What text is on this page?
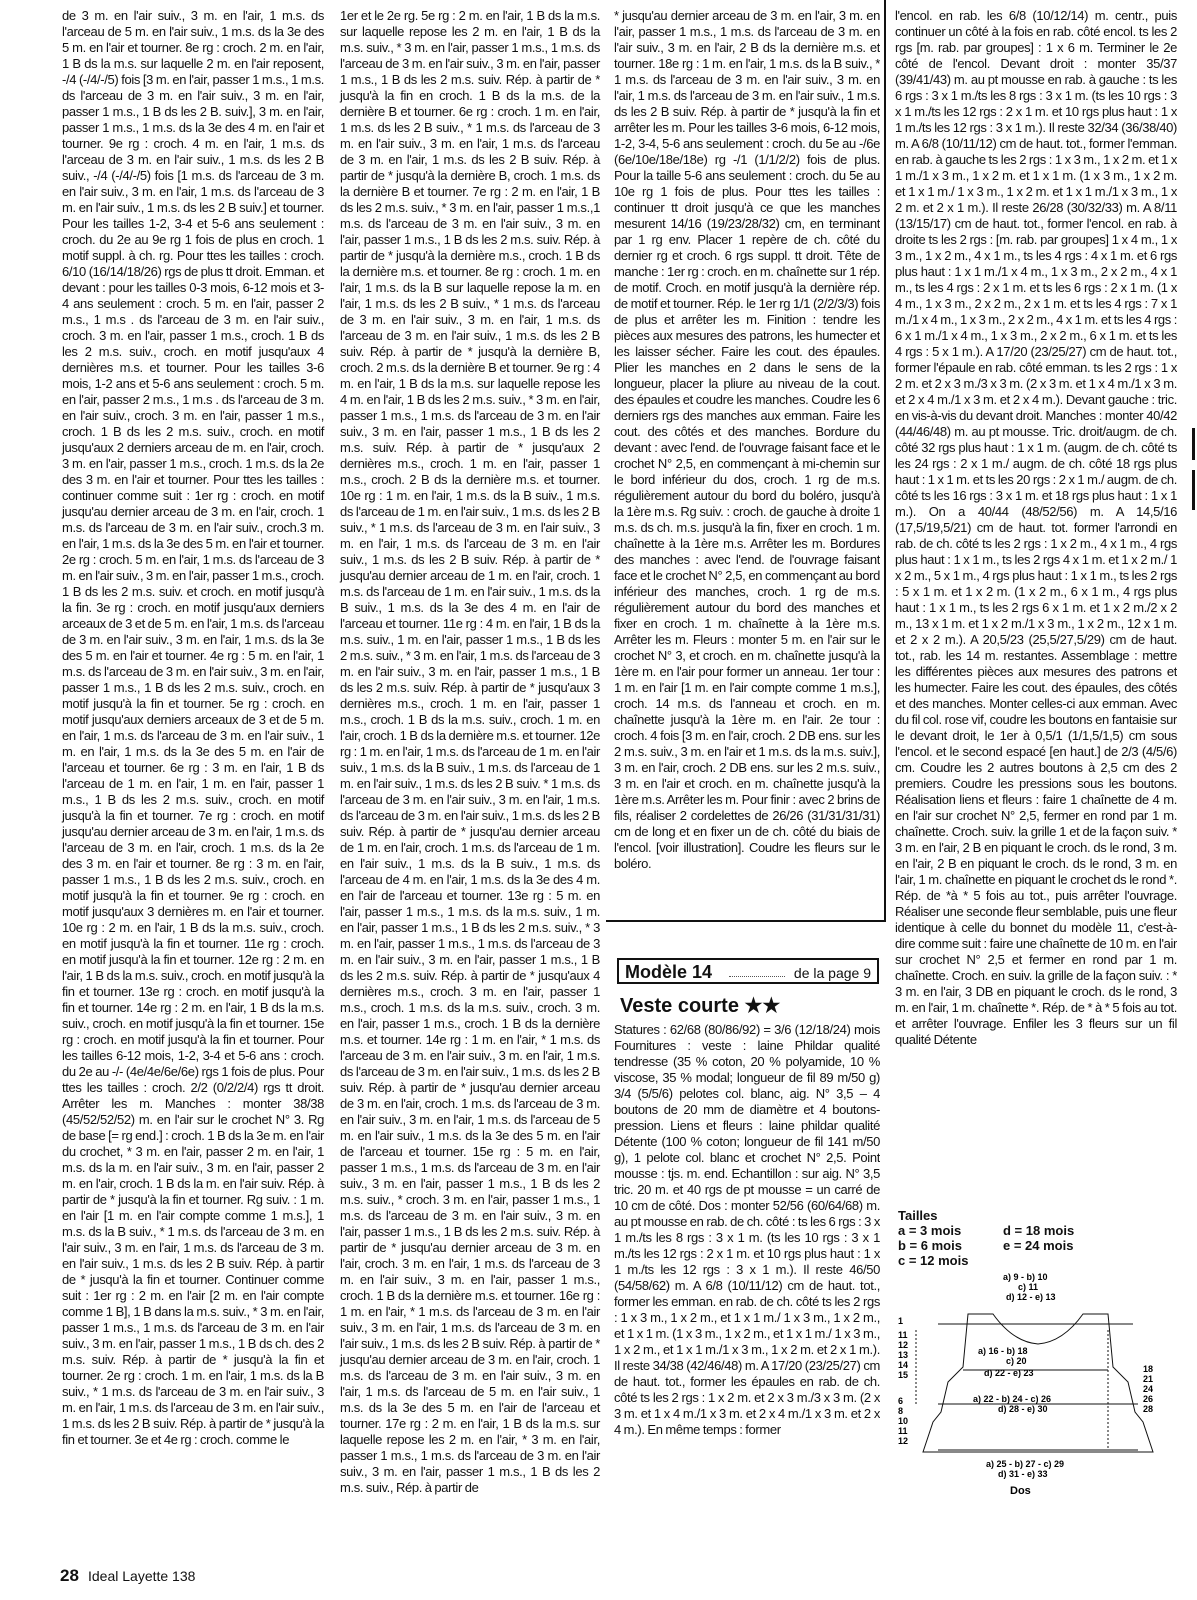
de 3 m. en l'air suiv., 3 m. en l'air, 1 m.s. ds l'arceau de 5 m. en l'air suiv., 1 m.s. ds la 3e des 5 m. en l'air et tourner. 8e rg : croch. 2 m. en l'air, 1 B ds la m.s. sur laquelle 2 m. en l'air reposent, -/4 (-/4/-/5) fois [3 m. en l'air, passer 1 m.s., 1 m.s. ds l'arceau de 3 m. en l'air suiv., 3 m. en l'air, passer 1 m.s., 1 B ds les 2 B. suiv.], 3 m. en l'air, passer 1 m.s., 1 m.s. ds la 3e des 4 m. en l'air et tourner. 9e rg : croch. 4 m. en l'air, 1 m.s. ds l'arceau de 3 m. en l'air suiv., 1 m.s. ds les 2 B suiv., -/4 (-/4/-/5) fois [1 m.s. ds l'arceau de 3 m. en l'air suiv., 3 m. en l'air, 1 m.s. ds l'arceau de 3 m. en l'air suiv., 1 m.s. ds les 2 B suiv.] et tourner. Pour les tailles 1-2, 3-4 et 5-6 ans seulement : croch. du 2e au 9e rg 1 fois de plus en croch. 1 motif suppl. à ch. rg. Pour ttes les tailles : croch. 6/10 (16/14/18/26) rgs de plus tt droit. Emman. et devant : pour les tailles 0-3 mois, 6-12 mois et 3-4 ans seulement : croch. 5 m. en l'air, passer 2 m.s., 1 m.s . ds l'arceau de 3 m. en l'air suiv., croch. 3 m. en l'air, passer 1 m.s., croch. 1 B ds les 2 m.s. suiv., croch. en motif jusqu'aux 4 dernières m.s. et tourner. Pour les tailles 3-6 mois, 1-2 ans et 5-6 ans seulement : croch. 5 m. en l'air, passer 2 m.s., 1 m.s . ds l'arceau de 3 m. en l'air suiv., croch. 3 m. en l'air, passer 1 m.s., croch. 1 B ds les 2 m.s. suiv., croch. en motif jusqu'aux 2 derniers arceau de m. en l'air, croch. 3 m. en l'air, passer 1 m.s., croch. 1 m.s. ds la 2e des 3 m. en l'air et tourner. Pour ttes les tailles : continuer comme suit : 1er rg : croch. en motif jusqu'au dernier arceau de 3 m. en l'air, croch. 1 m.s. ds l'arceau de 3 m. en l'air suiv., croch.3 m. en l'air, 1 m.s. ds la 3e des 5 m. en l'air et tourner. 2e rg : croch. 5 m. en l'air, 1 m.s. ds l'arceau de 3 m. en l'air suiv., 3 m. en l'air, passer 1 m.s., croch. 1 B ds les 2 m.s. suiv. et croch. en motif jusqu'à la fin. 3e rg : croch. en motif jusqu'aux derniers arceaux de 3 et de 5 m. en l'air, 1 m.s. ds l'arceau de 3 m. en l'air suiv., 3 m. en l'air, 1 m.s. ds la 3e des 5 m. en l'air et tourner. 4e rg : 5 m. en l'air, 1 m.s. ds l'arceau de 3 m. en l'air suiv., 3 m. en l'air, passer 1 m.s., 1 B ds les 2 m.s. suiv., croch. en motif jusqu'à la fin et tourner. 5e rg : croch. en motif jusqu'aux derniers arceaux de 3 et de 5 m. en l'air, 1 m.s. ds l'arceau de 3 m. en l'air suiv., 1 m. en l'air, 1 m.s. ds la 3e des 5 m. en l'air de l'arceau et tourner. 6e rg : 3 m. en l'air, 1 B ds l'arceau de 1 m. en l'air, 1 m. en l'air, passer 1 m.s., 1 B ds les 2 m.s. suiv., croch. en motif jusqu'à la fin et tourner. 7e rg : croch. en motif jusqu'au dernier arceau de 3 m. en l'air, 1 m.s. ds l'arceau de 3 m. en l'air, croch. 1 m.s. ds la 2e des 3 m. en l'air et tourner. 8e rg : 3 m. en l'air, passer 1 m.s., 1 B ds les 2 m.s. suiv., croch. en motif jusqu'à la fin et tourner. 9e rg : croch. en motif jusqu'aux 3 dernières m. en l'air et tourner. 10e rg : 2 m. en l'air, 1 B ds la m.s. suiv., croch. en motif jusqu'à la fin et tourner. 11e rg : croch. en motif jusqu'à la fin et tourner. 12e rg : 2 m. en l'air, 1 B ds la m.s. suiv., croch. en motif jusqu'à la fin et tourner. 13e rg : croch. en motif jusqu'à la fin et tourner. 14e rg : 2 m. en l'air, 1 B ds la m.s. suiv., croch. en motif jusqu'à la fin et tourner. 15e rg : croch. en motif jusqu'à la fin et tourner. Pour les tailles 6-12 mois, 1-2, 3-4 et 5-6 ans : croch. du 2e au -/- (4e/4e/6e/6e) rgs 1 fois de plus. Pour ttes les tailles : croch. 2/2 (0/2/2/4) rgs tt droit. Arrêter les m. Manches : monter 38/38 (45/52/52/52) m. en l'air sur le crochet N° 3. Rg de base [= rg end.] : croch. 1 B ds la 3e m. en l'air du crochet, * 3 m. en l'air, passer 2 m. en l'air, 1 m.s. ds la m. en l'air suiv., 3 m. en l'air, passer 2 m. en l'air, croch. 1 B ds la m. en l'air suiv. Rép. à partir de * jusqu'à la fin et tourner. Rg suiv. : 1 m. en l'air [1 m. en l'air compte comme 1 m.s.], 1 m.s. ds la B suiv., * 1 m.s. ds l'arceau de 3 m. en l'air suiv., 3 m. en l'air, 1 m.s. ds l'arceau de 3 m. en l'air suiv., 1 m.s. ds les 2 B suiv. Rép. à partir de * jusqu'à la fin et tourner. Continuer comme suit : 1er rg : 2 m. en l'air [2 m. en l'air compte comme 1 B], 1 B dans la m.s. suiv., * 3 m. en l'air, passer 1 m.s., 1 m.s. ds l'arceau de 3 m. en l'air suiv., 3 m. en l'air, passer 1 m.s., 1 B ds ch. des 2 m.s. suiv. Rép. à partir de * jusqu'à la fin et tourner. 2e rg : croch. 1 m. en l'air, 1 m.s. ds la B suiv., * 1 m.s. ds l'arceau de 3 m. en l'air suiv., 3 m. en l'air, 1 m.s. ds l'arceau de 3 m. en l'air suiv., 1 m.s. ds les 2 B suiv. Rép. à partir de * jusqu'à la fin et tourner. 3e et 4e rg : croch. comme le

1er et le 2e rg. 5e rg : 2 m. en l'air, 1 B ds la m.s. sur laquelle repose les 2 m. en l'air, 1 B ds la m.s. suiv., * 3 m. en l'air, passer 1 m.s., 1 m.s. ds l'arceau de 3 m. en l'air suiv., 3 m. en l'air, passer 1 m.s., 1 B ds les 2 m.s. suiv. Rép. à partir de * jusqu'à la fin en croch. 1 B ds la m.s. de la dernière B et tourner. 6e rg : croch. 1 m. en l'air, 1 m.s. ds les 2 B suiv., * 1 m.s. ds l'arceau de 3 m. en l'air suiv., 3 m. en l'air, 1 m.s. ds l'arceau de 3 m. en l'air, 1 m.s. ds les 2 B suiv. Rép. à partir de * jusqu'à la dernière B, croch. 1 m.s. ds la dernière B et tourner. 7e rg : 2 m. en l'air, 1 B ds les 2 m.s. suiv., * 3 m. en l'air, passer 1 m.s.,1 m.s. ds l'arceau de 3 m. en l'air suiv., 3 m. en l'air, passer 1 m.s., 1 B ds les 2 m.s. suiv. Rép. à partir de * jusqu'à la dernière m.s., croch. 1 B ds la dernière m.s. et tourner. 8e rg : croch. 1 m. en l'air, 1 m.s. ds la B sur laquelle repose la m. en l'air, 1 m.s. ds les 2 B suiv., * 1 m.s. ds l'arceau de 3 m. en l'air suiv., 3 m. en l'air, 1 m.s. ds l'arceau de 3 m. en l'air suiv., 1 m.s. ds les 2 B suiv. Rép. à partir de * jusqu'à la dernière B, croch. 2 m.s. ds la dernière B et tourner. 9e rg : 4 m. en l'air, 1 B ds la m.s. sur laquelle repose les 4 m. en l'air, 1 B ds les 2 m.s. suiv., * 3 m. en l'air, passer 1 m.s., 1 m.s. ds l'arceau de 3 m. en l'air suiv., 3 m. en l'air, passer 1 m.s., 1 B ds les 2 m.s. suiv. Rép. à partir de * jusqu'aux 2 dernières m.s., croch. 1 m. en l'air, passer 1 m.s., croch. 2 B ds la dernière m.s. et tourner. 10e rg : 1 m. en l'air, 1 m.s. ds la B suiv., 1 m.s. ds l'arceau de 1 m. en l'air suiv., 1 m.s. ds les 2 B suiv., * 1 m.s. ds l'arceau de 3 m. en l'air suiv., 3 m. en l'air, 1 m.s. ds l'arceau de 3 m. en l'air suiv., 1 m.s. ds les 2 B suiv. Rép. à partir de * jusqu'au dernier arceau de 1 m. en l'air, croch. 1 m.s. ds l'arceau de 1 m. en l'air suiv., 1 m.s. ds la B suiv., 1 m.s. ds la 3e des 4 m. en l'air de l'arceau et tourner. 11e rg : 4 m. en l'air, 1 B ds la m.s. suiv., 1 m. en l'air, passer 1 m.s., 1 B ds les 2 m.s. suiv., * 3 m. en l'air, 1 m.s. ds l'arceau de 3 m. en l'air suiv., 3 m. en l'air, passer 1 m.s., 1 B ds les 2 m.s. suiv. Rép. à partir de * jusqu'aux 3 dernières m.s., croch. 1 m. en l'air, passer 1 m.s., croch. 1 B ds la m.s. suiv., croch. 1 m. en l'air, croch. 1 B ds la dernière m.s. et tourner. 12e rg : 1 m. en l'air, 1 m.s. ds l'arceau de 1 m. en l'air suiv., 1 m.s. ds la B suiv., 1 m.s. ds l'arceau de 1 m. en l'air suiv., 1 m.s. ds les 2 B suiv. * 1 m.s. ds l'arceau de 3 m. en l'air suiv., 3 m. en l'air, 1 m.s. ds l'arceau de 3 m. en l'air suiv., 1 m.s. ds les 2 B suiv. Rép. à partir de * jusqu'au dernier arceau de 1 m. en l'air, croch. 1 m.s. ds l'arceau de 1 m. en l'air suiv., 1 m.s. ds la B suiv., 1 m.s. ds l'arceau de 4 m. en l'air, 1 m.s. ds la 3e des 4 m. en l'air de l'arceau et tourner. 13e rg : 5 m. en l'air, passer 1 m.s., 1 m.s. ds la m.s. suiv., 1 m. en l'air, passer 1 m.s., 1 B ds les 2 m.s. suiv., * 3 m. en l'air, passer 1 m.s., 1 m.s. ds l'arceau de 3 m. en l'air suiv., 3 m. en l'air, passer 1 m.s., 1 B ds les 2 m.s. suiv. Rép. à partir de * jusqu'aux 4 dernières m.s., croch. 3 m. en l'air, passer 1 m.s., croch. 1 m.s. ds la m.s. suiv., croch. 3 m. en l'air, passer 1 m.s., croch. 1 B ds la dernière m.s. et tourner. 14e rg : 1 m. en l'air, * 1 m.s. ds l'arceau de 3 m. en l'air suiv., 3 m. en l'air, 1 m.s. ds l'arceau de 3 m. en l'air suiv., 1 m.s. ds les 2 B suiv. Rép. à partir de * jusqu'au dernier arceau de 3 m. en l'air, croch. 1 m.s. ds l'arceau de 3 m. en l'air suiv., 3 m. en l'air, 1 m.s. ds l'arceau de 5 m. en l'air suiv., 1 m.s. ds la 3e des 5 m. en l'air de l'arceau et tourner. 15e rg : 5 m. en l'air, passer 1 m.s., 1 m.s. ds l'arceau de 3 m. en l'air suiv., 3 m. en l'air, passer 1 m.s., 1 B ds les 2 m.s. suiv., * croch. 3 m. en l'air, passer 1 m.s., 1 m.s. ds l'arceau de 3 m. en l'air suiv., 3 m. en l'air, passer 1 m.s., 1 B ds les 2 m.s. suiv. Rép. à partir de * jusqu'au dernier arceau de 3 m. en l'air, croch. 3 m. en l'air, 1 m.s. ds l'arceau de 3 m. en l'air suiv., 3 m. en l'air, passer 1 m.s., croch. 1 B ds la dernière m.s. et tourner. 16e rg : 1 m. en l'air, * 1 m.s. ds l'arceau de 3 m. en l'air suiv., 3 m. en l'air, 1 m.s. ds l'arceau de 3 m. en l'air suiv., 1 m.s. ds les 2 B suiv. Rép. à partir de * jusqu'au dernier arceau de 3 m. en l'air, croch. 1 m.s. ds l'arceau de 3 m. en l'air suiv., 3 m. en l'air, 1 m.s. ds l'arceau de 5 m. en l'air suiv., 1 m.s. ds la 3e des 5 m. en l'air de l'arceau et tourner. 17e rg : 2 m. en l'air, 1 B ds la m.s. sur laquelle repose les 2 m. en l'air, * 3 m. en l'air, passer 1 m.s., 1 m.s. ds l'arceau de 3 m. en l'air suiv., 3 m. en l'air, passer 1 m.s., 1 B ds les 2 m.s. suiv., Rép. à partir de

* jusqu'au dernier arceau de 3 m. en l'air, 3 m. en l'air, passer 1 m.s., 1 m.s. ds l'arceau de 3 m. en l'air suiv., 3 m. en l'air, 2 B ds la dernière m.s. et tourner. 18e rg : 1 m. en l'air, 1 m.s. ds la B suiv., * 1 m.s. ds l'arceau de 3 m. en l'air suiv., 3 m. en l'air, 1 m.s. ds l'arceau de 3 m. en l'air suiv., 1 m.s. ds les 2 B suiv. Rép. à partir de * jusqu'à la fin et arrêter les m. Pour les tailles 3-6 mois, 6-12 mois, 1-2, 3-4, 5-6 ans seulement : croch. du 5e au -/6e (6e/10e/18e/18e) rg -/1 (1/1/2/2) fois de plus. Pour la taille 5-6 ans seulement : croch. du 5e au 10e rg 1 fois de plus. Pour ttes les tailles : continuer tt droit jusqu'à ce que les manches mesurent 14/16 (19/23/28/32) cm, en terminant par 1 rg env. Placer 1 repère de ch. côté du dernier rg et croch. 6 rgs suppl. tt droit. Tête de manche : 1er rg : croch. en m. chaînette sur 1 rép. de motif. Croch. en motif jusqu'à la dernière rép. de motif et tourner. Rép. le 1er rg 1/1 (2/2/3/3) fois de plus et arrêter les m. Finition : tendre les pièces aux mesures des patrons, les humecter et les laisser sécher. Faire les cout. des épaules. Plier les manches en 2 dans le sens de la longueur, placer la pliure au niveau de la cout. des épaules et coudre les manches. Coudre les 6 derniers rgs des manches aux emman. Faire les cout. des côtés et des manches. Bordure du devant : avec l'end. de l'ouvrage faisant face et le crochet N° 2,5, en commençant à mi-chemin sur le bord inférieur du dos, croch. 1 rg de m.s. régulièrement autour du bord du boléro, jusqu'à la 1ère m.s. Rg suiv. : croch. de gauche à droite 1 m.s. ds ch. m.s. jusqu'à la fin, fixer en croch. 1 m. chaînette à la 1ère m.s. Arrêter les m. Bordures des manches : avec l'end. de l'ouvrage faisant face et le crochet N° 2,5, en commençant au bord inférieur des manches, croch. 1 rg de m.s. régulièrement autour du bord des manches et fixer en croch. 1 m. chaînette à la 1ère m.s. Arrêter les m. Fleurs : monter 5 m. en l'air sur le crochet N° 3, et croch. en m. chaînette jusqu'à la 1ère m. en l'air pour former un anneau. 1er tour : 1 m. en l'air [1 m. en l'air compte comme 1 m.s.], croch. 14 m.s. ds l'anneau et croch. en m. chaînette jusqu'à la 1ère m. en l'air. 2e tour : croch. 4 fois [3 m. en l'air, croch. 2 DB ens. sur les 2 m.s. suiv., 3 m. en l'air et 1 m.s. ds la m.s. suiv.], 3 m. en l'air, croch. 2 DB ens. sur les 2 m.s. suiv., 3 m. en l'air et croch. en m. chaînette jusqu'à la 1ère m.s. Arrêter les m. Pour finir : avec 2 brins de fils, réaliser 2 cordelettes de 26/26 (31/31/31/31) cm de long et en fixer un de ch. côté du biais de l'encol. [voir illustration]. Coudre les fleurs sur le boléro.

Modèle 14	de la page 9
Veste courte ★★

Statures : 62/68 (80/86/92) = 3/6 (12/18/24) mois Fournitures : veste : laine Phildar qualité tendresse (35 % coton, 20 % polyamide, 10 % viscose, 35 % modal; longueur de fil 89 m/50 g) 3/4 (5/5/6) pelotes col. blanc, aig. N° 3,5 – 4 boutons de 20 mm de diamètre et 4 boutons-pression. Liens et fleurs : laine phildar qualité Détente (100 % coton; longueur de fil 141 m/50 g), 1 pelote col. blanc et crochet N° 2,5. Point mousse : tjs. m. end. Echantillon : sur aig. N° 3,5 tric. 20 m. et 40 rgs de pt mousse = un carré de 10 cm de côté. Dos : monter 52/56 (60/64/68) m. au pt mousse en rab. de ch. côté : ts les 6 rgs : 3 x 1 m./ts les 8 rgs : 3 x 1 m. (ts les 10 rgs : 3 x 1 m./ts les 12 rgs : 2 x 1 m. et 10 rgs plus haut : 1 x 1 m./ts les 12 rgs : 3 x 1 m.). Il reste 46/50 (54/58/62) m. A 6/8 (10/11/12) cm de haut. tot., former les emman. en rab. de ch. côté ts les 2 rgs : 1 x 3 m., 1 x 2 m., et 1 x 1 m./ 1 x 3 m., 1 x 2 m., et 1 x 1 m. (1 x 3 m., 1 x 2 m., et 1 x 1 m./ 1 x 3 m., 1 x 2 m., et 1 x 1 m./1 x 3 m., 1 x 2 m. et 2 x 1 m.). Il reste 34/38 (42/46/48) m. A 17/20 (23/25/27) cm de haut. tot., former les épaules en rab. de ch. côté ts les 2 rgs : 1 x 2 m. et 2 x 3 m./3 x 3 m. (2 x 3 m. et 1 x 4 m./1 x 3 m. et 2 x 4 m./1 x 3 m. et 2 x 4 m.). En même temps : former

l'encol. en rab. les 6/8 (10/12/14) m. centr., puis continuer un côté à la fois en rab. côté encol. ts les 2 rgs [m. rab. par groupes] : 1 x 6 m. Terminer le 2e côté de l'encol. Devant droit : monter 35/37 (39/41/43) m. au pt mousse en rab. à gauche : ts les 6 rgs : 3 x 1 m./ts les 8 rgs : 3 x 1 m. (ts les 10 rgs : 3 x 1 m./ts les 12 rgs : 2 x 1 m. et 10 rgs plus haut : 1 x 1 m./ts les 12 rgs : 3 x 1 m.). Il reste 32/34 (36/38/40) m. A 6/8 (10/11/12) cm de haut. tot., former l'emman. en rab. à gauche ts les 2 rgs : 1 x 3 m., 1 x 2 m. et 1 x 1 m./1 x 3 m., 1 x 2 m. et 1 x 1 m. (1 x 3 m., 1 x 2 m. et 1 x 1 m./ 1 x 3 m., 1 x 2 m. et 1 x 1 m./1 x 3 m., 1 x 2 m. et 2 x 1 m.). Il reste 26/28 (30/32/33) m. A 8/11 (13/15/17) cm de haut. tot., former l'encol. en rab. à droite ts les 2 rgs : [m. rab. par groupes] 1 x 4 m., 1 x 3 m., 1 x 2 m., 4 x 1 m., ts les 4 rgs : 4 x 1 m. et 6 rgs plus haut : 1 x 1 m./1 x 4 m., 1 x 3 m., 2 x 2 m., 4 x 1 m., ts les 4 rgs : 2 x 1 m. et ts les 6 rgs : 2 x 1 m. (1 x 4 m., 1 x 3 m., 2 x 2 m., 2 x 1 m. et ts les 4 rgs : 7 x 1 m./1 x 4 m., 1 x 3 m., 2 x 2 m., 4 x 1 m. et ts les 4 rgs : 6 x 1 m./1 x 4 m., 1 x 3 m., 2 x 2 m., 6 x 1 m. et ts les 4 rgs : 5 x 1 m.). A 17/20 (23/25/27) cm de haut. tot., former l'épaule en rab. côté emman. ts les 2 rgs : 1 x 2 m. et 2 x 3 m./3 x 3 m. (2 x 3 m. et 1 x 4 m./1 x 3 m. et 2 x 4 m./1 x 3 m. et 2 x 4 m.). Devant gauche : tric. en vis-à-vis du devant droit. Manches : monter 40/42 (44/46/48) m. au pt mousse. Tric. droit/augm. de ch. côté 32 rgs plus haut : 1 x 1 m. (augm. de ch. côté ts les 24 rgs : 2 x 1 m./ augm. de ch. côté 18 rgs plus haut : 1 x 1 m. et ts les 20 rgs : 2 x 1 m./ augm. de ch. côté ts les 16 rgs : 3 x 1 m. et 18 rgs plus haut : 1 x 1 m.). On a 40/44 (48/52/56) m. A 14,5/16 (17,5/19,5/21) cm de haut. tot. former l'arrondi en rab. de ch. côté ts les 2 rgs : 1 x 2 m., 4 x 1 m., 4 rgs plus haut : 1 x 1 m., ts les 2 rgs 4 x 1 m. et 1 x 2 m./ 1 x 2 m., 5 x 1 m., 4 rgs plus haut : 1 x 1 m., ts les 2 rgs : 5 x 1 m. et 1 x 2 m. (1 x 2 m., 6 x 1 m., 4 rgs plus haut : 1 x 1 m., ts les 2 rgs 6 x 1 m. et 1 x 2 m./2 x 2 m., 13 x 1 m. et 1 x 2 m./1 x 3 m., 1 x 2 m., 12 x 1 m. et 2 x 2 m.). A 20,5/23 (25,5/27,5/29) cm de haut. tot., rab. les 14 m. restantes. Assemblage : mettre les différentes pièces aux mesures des patrons et les humecter. Faire les cout. des épaules, des côtés et des manches. Monter celles-ci aux emman. Avec du fil col. rose vif, coudre les boutons en fantaisie sur le devant droit, le 1er à 0,5/1 (1/1,5/1,5) cm sous l'encol. et le second espacé [en haut.] de 2/3 (4/5/6) cm. Coudre les 2 autres boutons à 2,5 cm des 2 premiers. Coudre les pressions sous les boutons. Réalisation liens et fleurs : faire 1 chaînette de 4 m. en l'air sur crochet N° 2,5, fermer en rond par 1 m. chaînette. Croch. suiv. la grille 1 et de la façon suiv. * 3 m. en l'air, 2 B en piquant le croch. ds le rond, 3 m. en l'air, 2 B en piquant le croch. ds le rond, 3 m. en l'air, 1 m. chaînette en piquant le crochet ds le rond *. Rép. de *à * 5 fois au tot., puis arrêter l'ouvrage. Réaliser une seconde fleur semblable, puis une fleur identique à celle du bonnet du modèle 11, c'est-à-dire comme suit : faire une chaînette de 10 m. en l'air sur crochet N° 2,5 et fermer en rond par 1 m. chaînette. Croch. en suiv. la grille de la façon suiv. : * 3 m. en l'air, 3 DB en piquant le croch. ds le rond, 3 m. en l'air, 1 m. chaînette *. Rép. de * à * 5 fois au tot. et arrêter l'ouvrage. Enfiler les 3 fleurs sur un fil qualité Détente

Tailles
a = 3 mois	d = 18 mois
b = 6 mois	e = 24 mois
c = 12 mois
a) 9 - b) 10
c) 11
d) 12 - e) 13
a) 16 - b) 18
c) 20
d) 22 - e) 23
a) 22 - b) 24 - c) 26
d) 28 - e) 30
a) 25 - b) 27 - c) 29
d) 31 - e) 33
1
11
12
13
14
15
6
8
10
11
12
18
21
24
26
28
Dos
28 Ideal Layette 138
